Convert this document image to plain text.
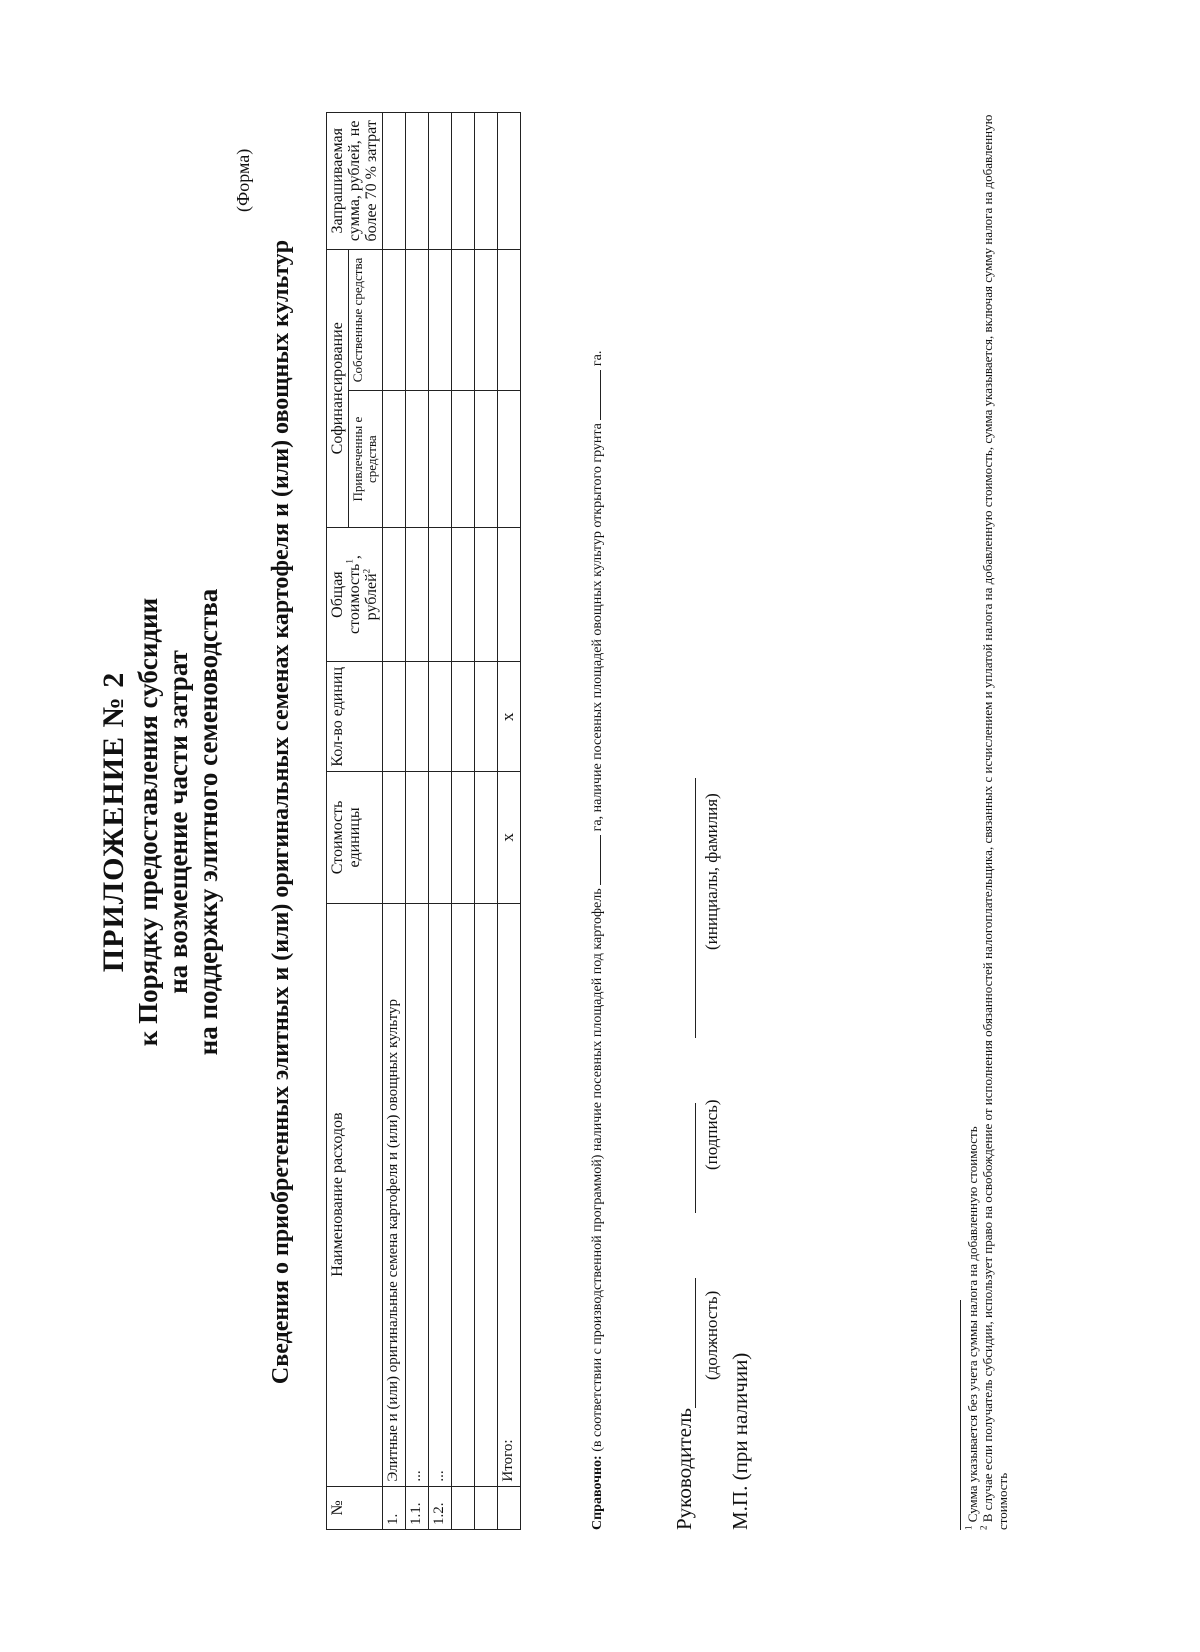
ПРИЛОЖЕНИЕ № 2 к Порядку предоставления субсидии на возмещение части затрат на поддержку элитного семеноводства
(Форма)
Сведения о приобретенных элитных и (или) оригинальных семенах картофеля и (или) овощных культур
№	Наименование расходов	Стоимость единицы	Кол-во единиц	Общая стоимость$^1$, рублей$^2$	Софинансирование		Запрашиваемая сумма, рублей, не более 70 % затрат
					Привлеченны е средства	Собственные средства	
1.	Элитные и (или) оригинальные семена картофеля и (или) овощных культур						
1.1.	...						
1.2.	...						

	Итого:	х	х				
Справочно: (в соответствии с производственной программой) наличие посевных площадей под картофель  га, наличие посевных площадей овощных культур открытого грунта  га.
Руководитель
(должность)
(подпись)
(инициалы, фамилия)
М.П. (при наличии)	$^1$ Сумма указывается без учета суммы налога на добавленную стоимость
$^2$ В случае если получатель субсидии, использует право на освобождение от исполнения обязанностей налогоплательщика, связанных с исчислением и уплатой налога на добавленную стоимость, сумма указывается, включая сумму налога на добавленную стоимость
